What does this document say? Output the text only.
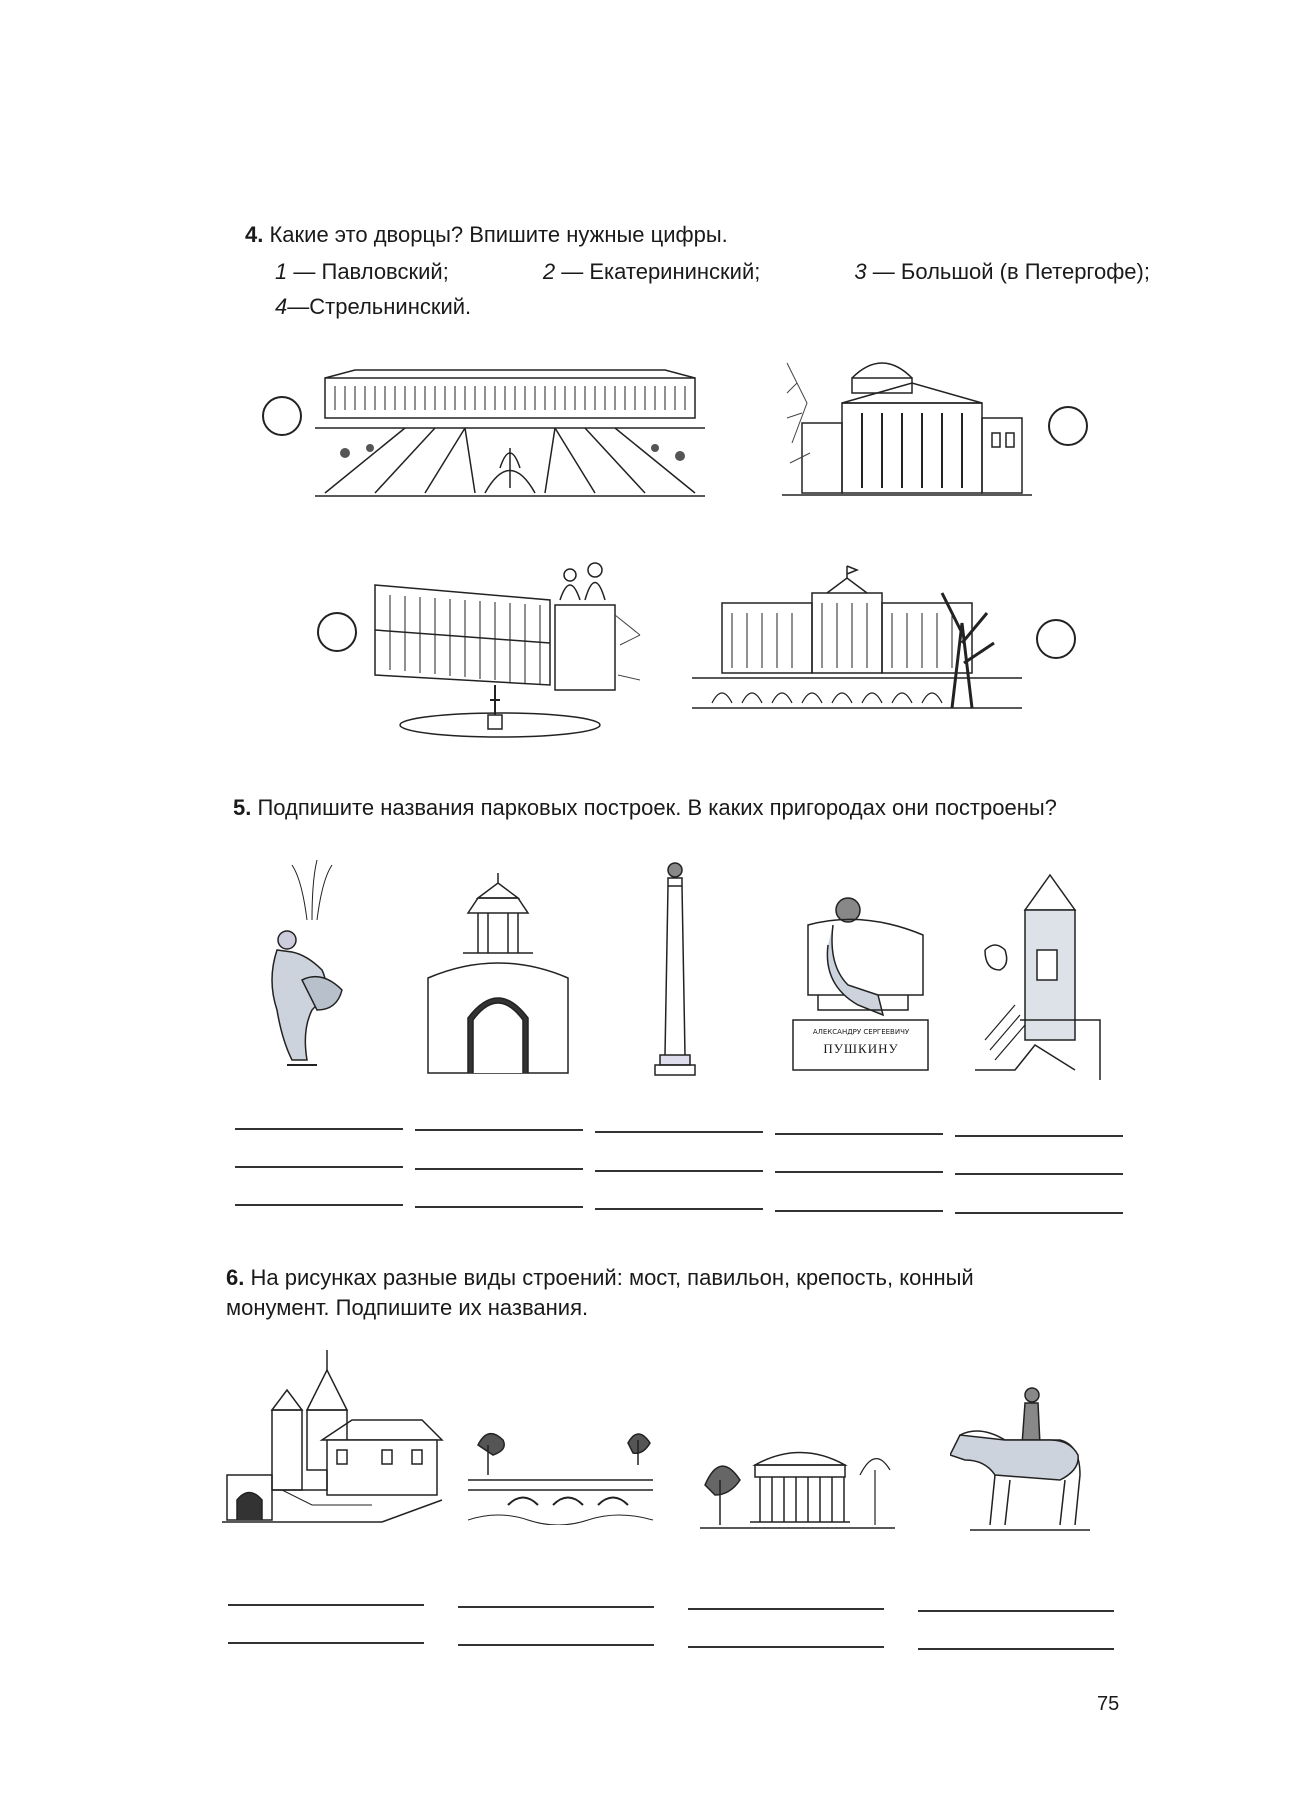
4. Какие это дворцы? Впишите нужные цифры.
1 — Павловский;	2 — Екатерининский;	3 — Большой (в Петергофе);
4—Стрельнинский.
5. Подпишите названия парковых построек. В каких пригородах они построены?
АЛЕКСАНДРУ СЕРГЕЕВИЧУ
ПУШКИНУ
6. На рисунках разные виды строений: мост, павильон, крепость, конный
монумент. Подпишите их названия.
75
